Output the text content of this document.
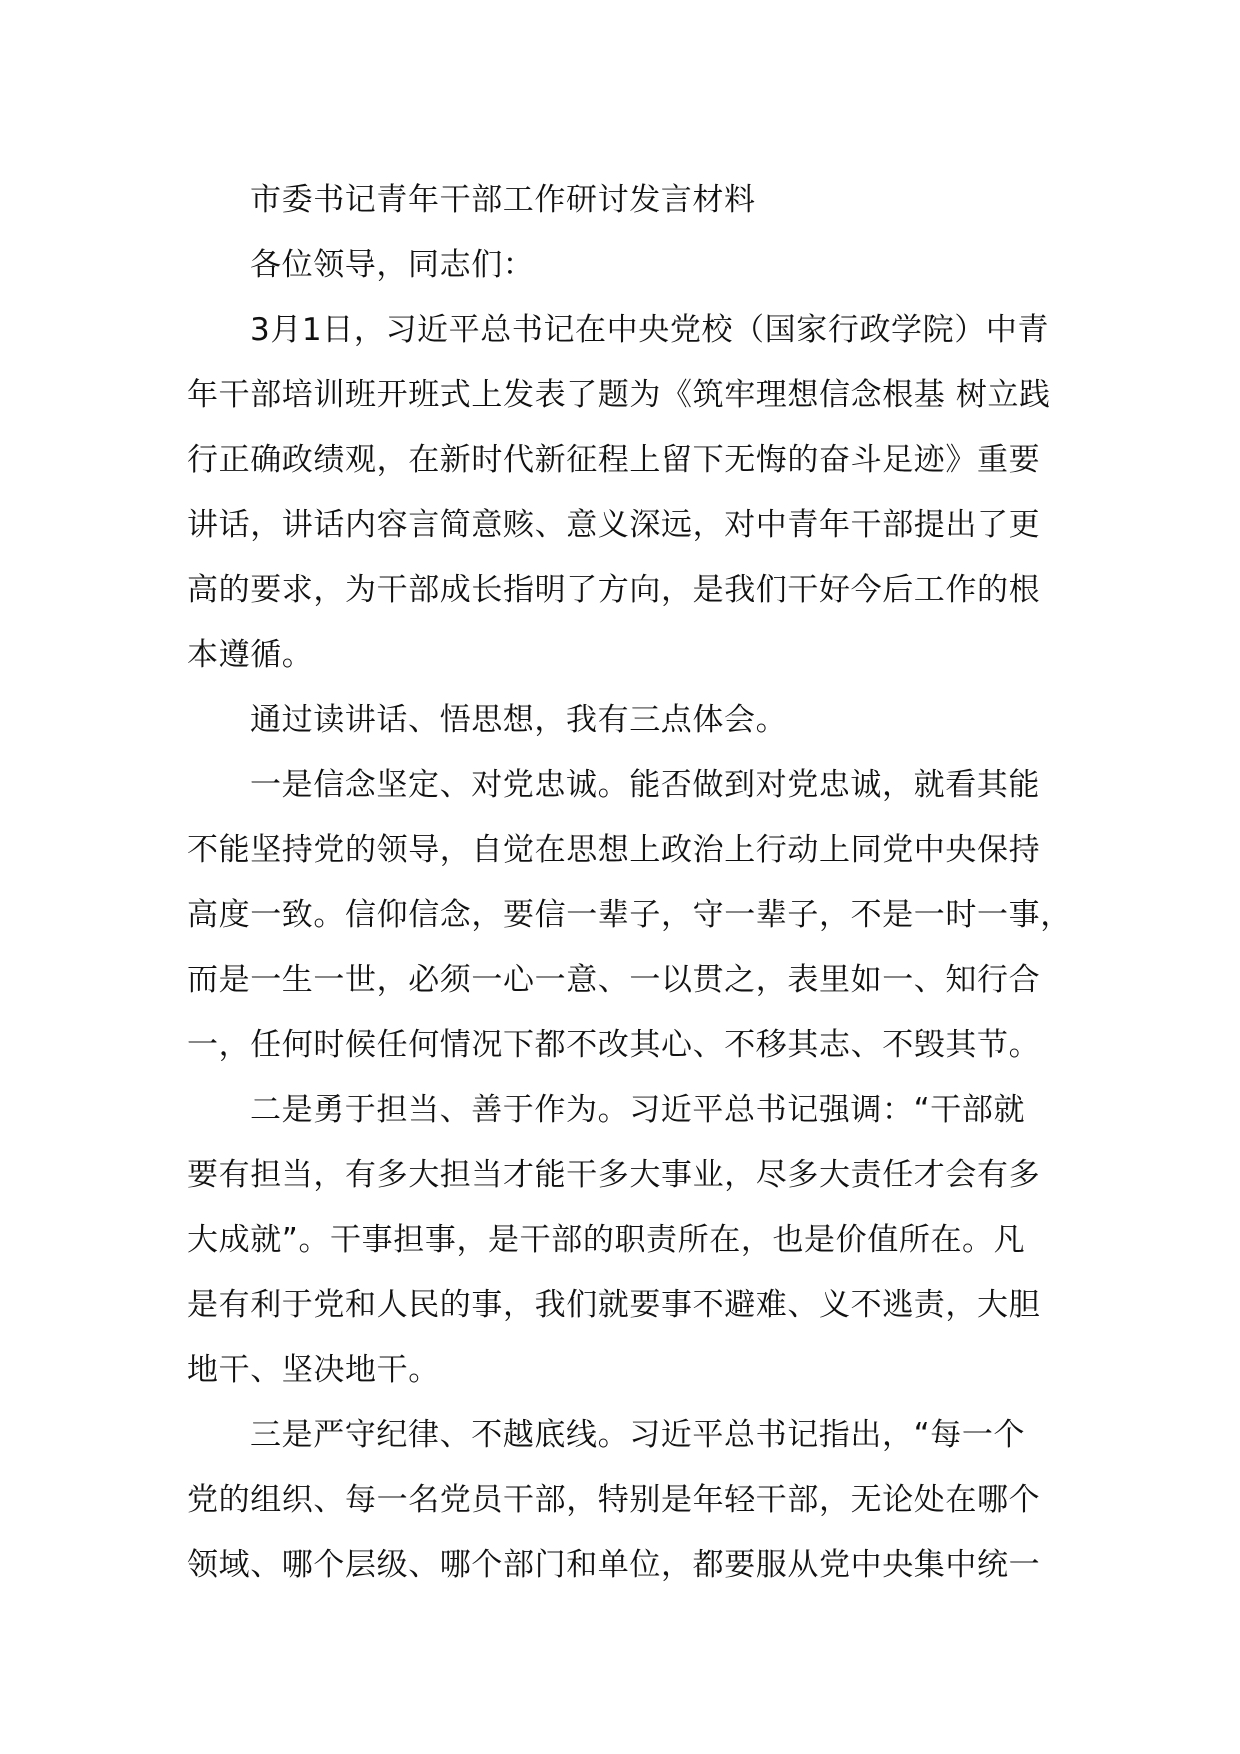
市委书记青年干部工作研讨发言材料
各位领导，同志们：
3月1日，习近平总书记在中央党校（国家行政学院）中青
年干部培训班开班式上发表了题为《筑牢理想信念根基 树立践
行正确政绩观，在新时代新征程上留下无悔的奋斗足迹》重要
讲话，讲话内容言简意赅、意义深远，对中青年干部提出了更
高的要求，为干部成长指明了方向，是我们干好今后工作的根
本遵循。
通过读讲话、悟思想，我有三点体会。
一是信念坚定、对党忠诚。能否做到对党忠诚，就看其能
不能坚持党的领导，自觉在思想上政治上行动上同党中央保持
高度一致。信仰信念，要信一辈子，守一辈子，不是一时一事，
而是一生一世，必须一心一意、一以贯之，表里如一、知行合
一，任何时候任何情况下都不改其心、不移其志、不毁其节。
二是勇于担当、善于作为。习近平总书记强调：“干部就
要有担当，有多大担当才能干多大事业，尽多大责任才会有多
大成就”。干事担事，是干部的职责所在，也是价值所在。凡
是有利于党和人民的事，我们就要事不避难、义不逃责，大胆
地干、坚决地干。
三是严守纪律、不越底线。习近平总书记指出，“每一个
党的组织、每一名党员干部，特别是年轻干部，无论处在哪个
领域、哪个层级、哪个部门和单位，都要服从党中央集中统一
